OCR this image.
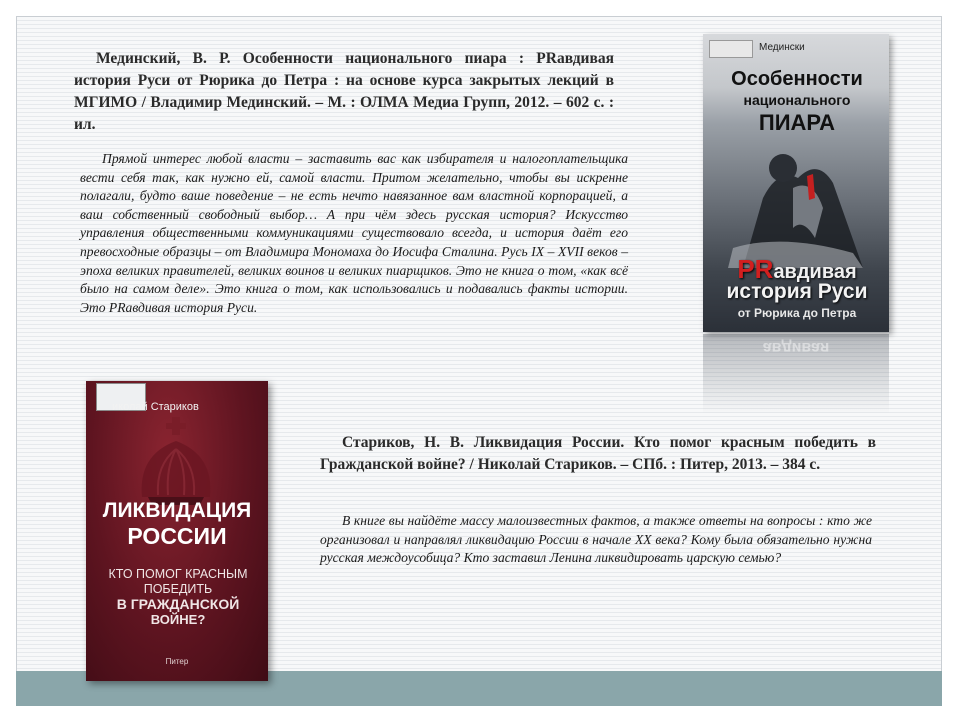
Мединский, В. Р. Особенности национального пиара : PRавдивая история Руси от Рюрика до Петра : на основе курса закрытых лекций в МГИМО / Владимир Мединский. – М. : ОЛМА Медиа Групп, 2012. – 602 с. : ил.

Прямой интерес любой власти – заставить вас как избирателя и налогоплательщика вести себя так, как нужно ей, самой власти. Притом желательно, чтобы вы искренне полагали, будто ваше поведение – не есть нечто навязанное вам властной корпорацией, а ваш собственный свободный выбор… А при чём здесь русская история? Искусство управления общественными коммуникациями существовало всегда, и история даёт его превосходные образцы – от Владимира Мономаха до Иосифа Сталина. Русь IX – XVII веков – эпоха великих правителей, великих воинов и великих пиарщиков. Это не книга о том, «как всё было на самом деле». Это книга о том, как использовались и подавались факты истории. Это PRавдивая история Руси.

Медински
Особенности
национального
ПИАРА
PRавдивая
история Руси
от Рюрика до Петра
авдивая
иколай Стариков
ЛИКВИДАЦИЯ
РОССИИ
КТО ПОМОГ КРАСНЫМ
ПОБЕДИТЬ
В ГРАЖДАНСКОЙ
ВОЙНЕ?
Питер

Стариков, Н. В. Ликвидация России. Кто помог красным победить в Гражданской войне? / Николай Стариков. – СПб. : Питер, 2013. – 384 с.

В книге вы найдёте массу малоизвестных фактов, а также ответы на вопросы : кто же организовал и направлял ликвидацию России в начале XX века? Кому была обязательно нужна русская междоусобица? Кто заставил Ленина ликвидировать царскую семью?
